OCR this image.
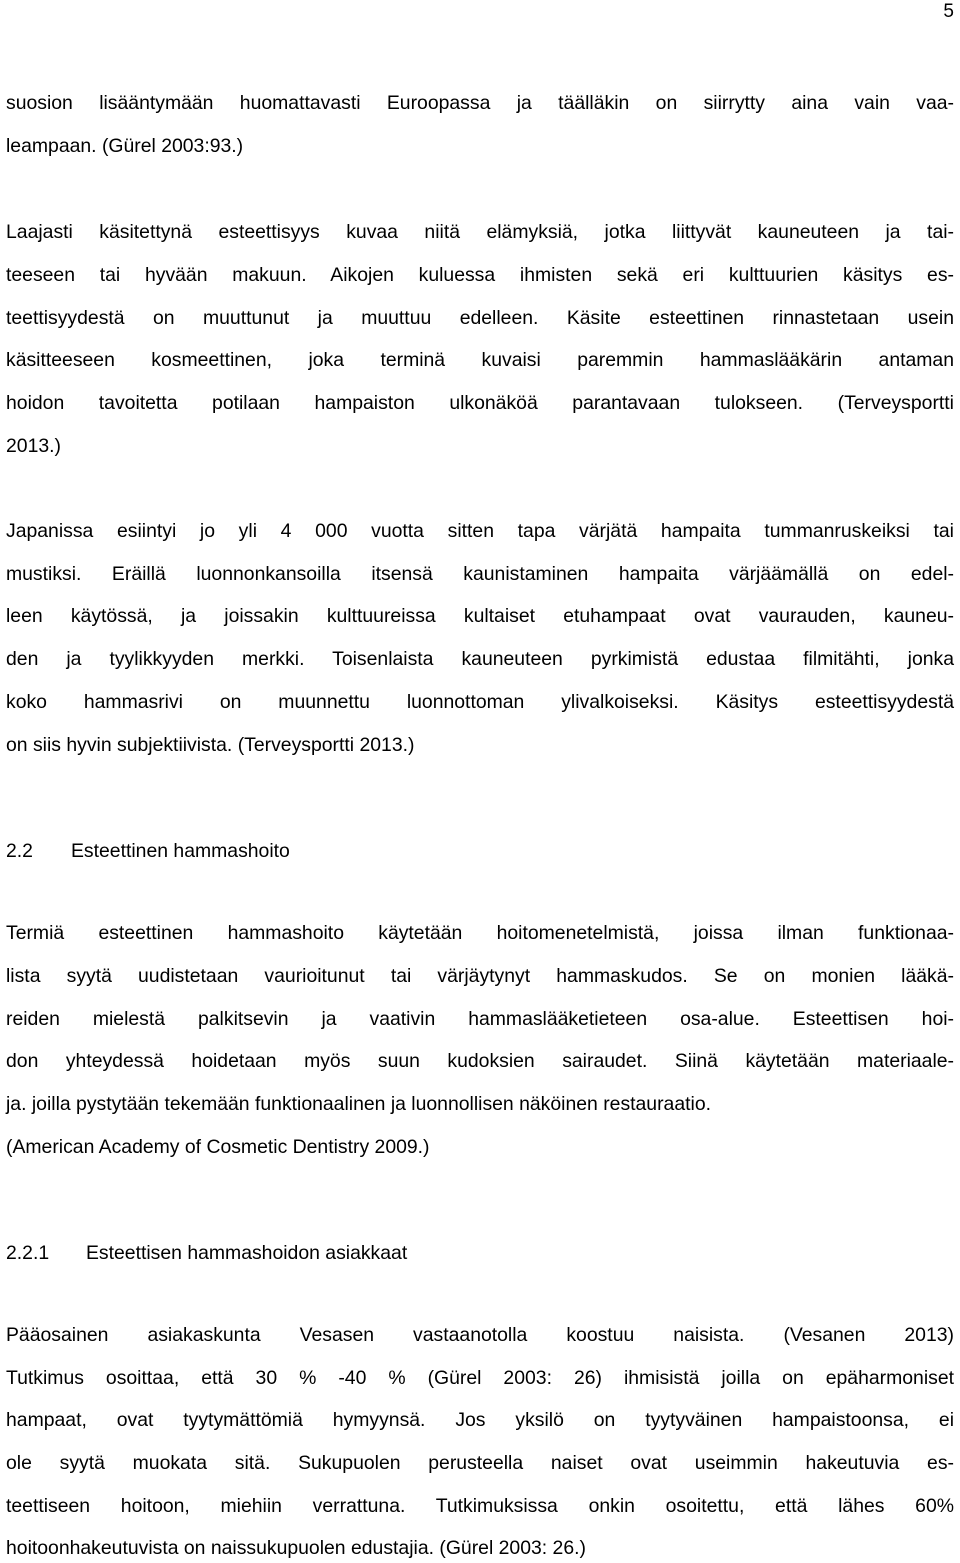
5
suosion lisääntymään huomattavasti Euroopassa ja täälläkin on siirrytty aina vain vaa-
leampaan. (Gürel 2003:93.)
Laajasti käsitettynä esteettisyys kuvaa niitä elämyksiä, jotka liittyvät kauneuteen ja tai-
teeseen tai hyvään makuun. Aikojen kuluessa ihmisten sekä eri kulttuurien käsitys es-
teettisyydestä on muuttunut ja muuttuu edelleen. Käsite esteettinen rinnastetaan usein
käsitteeseen kosmeettinen, joka terminä kuvaisi paremmin hammaslääkärin antaman
hoidon tavoitetta potilaan hampaiston ulkonäköä parantavaan tulokseen. (Terveysportti
2013.)
Japanissa esiintyi jo yli 4 000 vuotta sitten tapa värjätä hampaita tummanruskeiksi tai
mustiksi. Eräillä luonnonkansoilla itsensä kaunistaminen hampaita värjäämällä on edel-
leen käytössä, ja joissakin kulttuureissa kultaiset etuhampaat ovat vaurauden, kauneu-
den ja tyylikkyyden merkki. Toisenlaista kauneuteen pyrkimistä edustaa filmitähti, jonka
koko hammasrivi on muunnettu luonnottoman ylivalkoiseksi. Käsitys esteettisyydestä
on siis hyvin subjektiivista. (Terveysportti 2013.)
2.2 Esteettinen hammashoito
Termiä esteettinen hammashoito käytetään hoitomenetelmistä, joissa ilman funktionaa-
lista syytä uudistetaan vaurioitunut tai värjäytynyt hammaskudos. Se on monien lääkä-
reiden mielestä palkitsevin ja vaativin hammaslääketieteen osa-alue. Esteettisen hoi-
don yhteydessä hoidetaan myös suun kudoksien sairaudet. Siinä käytetään materiaale-
ja. joilla pystytään tekemään funktionaalinen ja luonnollisen näköinen restauraatio.
(American Academy of Cosmetic Dentistry 2009.)
2.2.1 Esteettisen hammashoidon asiakkaat
Pääosainen asiakaskunta Vesasen vastaanotolla koostuu naisista. (Vesanen 2013)
Tutkimus osoittaa, että 30 % -40 % (Gürel 2003: 26) ihmisistä joilla on epäharmoniset
hampaat, ovat tyytymättömiä hymyynsä. Jos yksilö on tyytyväinen hampaistoonsa, ei
ole syytä muokata sitä. Sukupuolen perusteella naiset ovat useimmin hakeutuvia es-
teettiseen hoitoon, miehiin verrattuna. Tutkimuksissa onkin osoitettu, että lähes 60%
hoitoonhakeutuvista on naissukupuolen edustajia. (Gürel 2003: 26.)
